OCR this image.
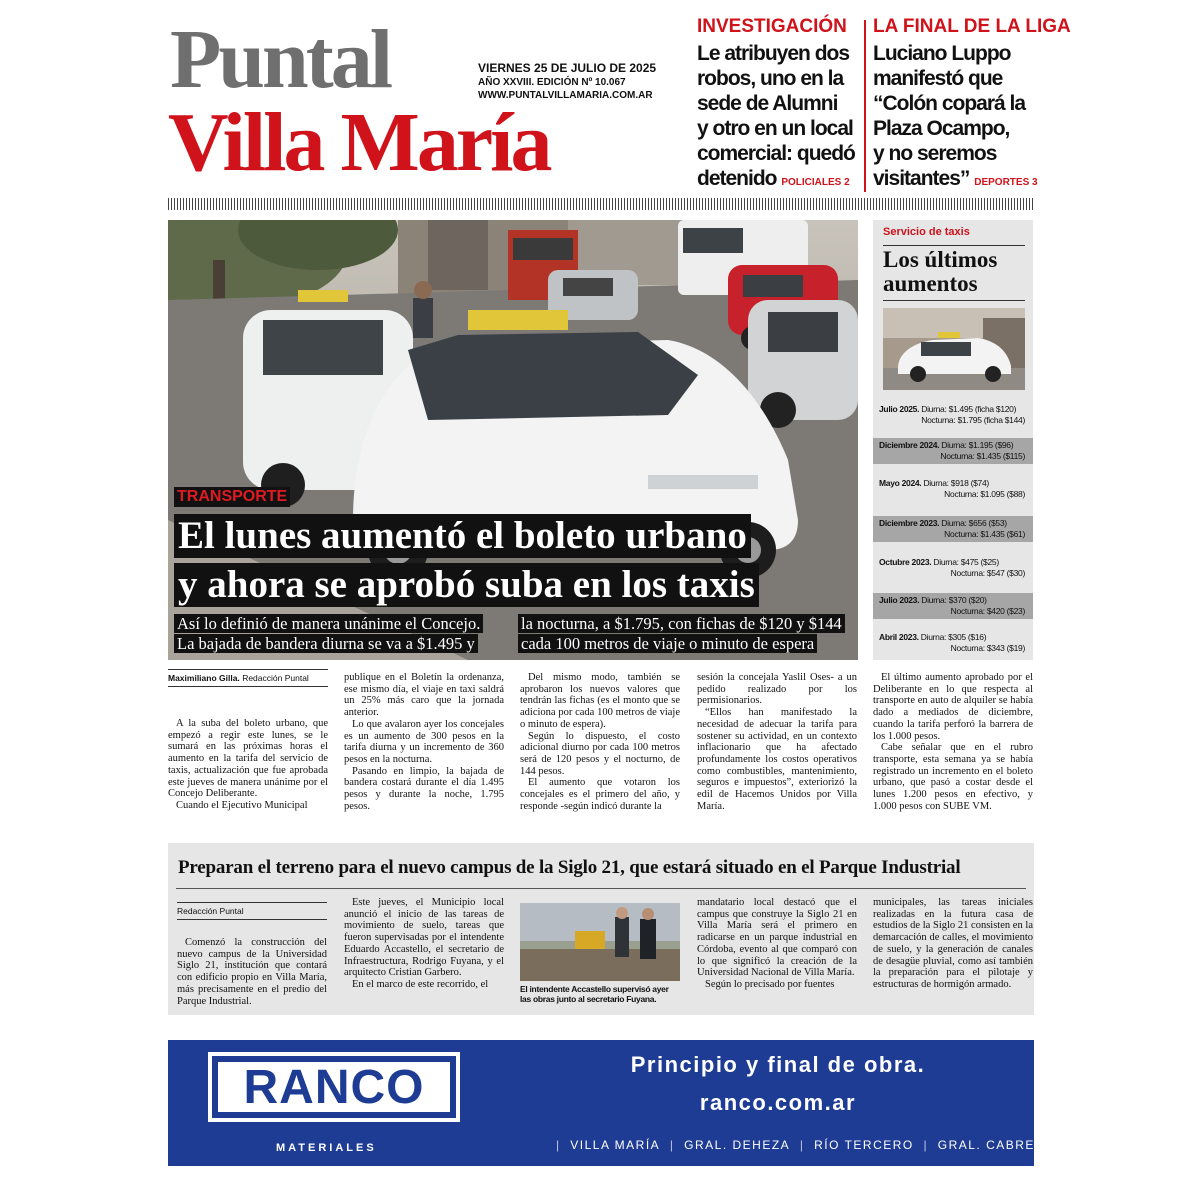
Puntal
Villa María
VIERNES 25 DE JULIO DE 2025
AÑO XXVIII. EDICIÓN Nº 10.067
WWW.PUNTALVILLAMARIA.COM.AR
INVESTIGACIÓN
Le atribuyen dos
robos, uno en la
sede de Alumni
y otro en un local
comercial: quedó
detenido POLICIALES 2
LA FINAL DE LA LIGA
Luciano Luppo
manifestó que
“Colón copará la
Plaza Ocampo,
y no seremos
visitantes” DEPORTES 3
TRANSPORTE
El lunes aumentó el boleto urbano
y ahora se aprobó suba en los taxis
Así lo definió de manera unánime el Concejo.
La bajada de bandera diurna se va a $1.495 y
la nocturna, a $1.795, con fichas de $120 y $144
cada 100 metros de viaje o minuto de espera
Servicio de taxis
Los últimos
aumentos
Julio 2025. Diurna: $1.495 (ficha $120)
Nocturna: $1.795 (ficha $144)
Diciembre 2024. Diurna: $1.195 ($96)
Nocturna: $1.435 ($115)
Mayo 2024. Diurna: $918 ($74)
Nocturna: $1.095 ($88)
Diciembre 2023. Diurna: $656 ($53)
Nocturna: $1.435 ($61)
Octubre 2023. Diurna: $475 ($25)
Nocturna: $547 ($30)
Julio 2023. Diurna: $370 ($20)
Nocturna: $420 ($23)
Abril 2023. Diurna: $305 ($16)
Nocturna: $343 ($19)
Maximiliano Gilla. Redacción Puntal

A la suba del boleto urbano, que empezó a regir este lunes, se le sumará en las próximas horas el aumento en la tarifa del servicio de taxis, actualización que fue aprobada este jueves de manera unánime por el Concejo Deliberante.

Cuando el Ejecutivo Municipal

publique en el Boletín la ordenanza, ese mismo día, el viaje en taxi saldrá un 25% más caro que la jornada anterior.

Lo que avalaron ayer los concejales es un aumento de 300 pesos en la tarifa diurna y un incremento de 360 pesos en la nocturna.

Pasando en limpio, la bajada de bandera costará durante el día 1.495 pesos y durante la noche, 1.795 pesos.

Del mismo modo, también se aprobaron los nuevos valores que tendrán las fichas (es el monto que se adiciona por cada 100 metros de viaje o minuto de espera).

Según lo dispuesto, el costo adicional diurno por cada 100 metros será de 120 pesos y el nocturno, de 144 pesos.

El aumento que votaron los concejales es el primero del año, y responde -según indicó durante la

sesión la concejala Yaslil Oses- a un pedido realizado por los permisionarios.

“Ellos han manifestado la necesidad de adecuar la tarifa para sostener su actividad, en un contexto inflacionario que ha afectado profundamente los costos operativos como combustibles, mantenimiento, seguros e impuestos”, exteriorizó la edil de Hacemos Unidos por Villa María.

El último aumento aprobado por el Deliberante en lo que respecta al transporte en auto de alquiler se había dado a mediados de diciembre, cuando la tarifa perforó la barrera de los 1.000 pesos.

Cabe señalar que en el rubro transporte, esta semana ya se había registrado un incremento en el boleto urbano, que pasó a costar desde el lunes 1.200 pesos en efectivo, y 1.000 pesos con SUBE VM.

Preparan el terreno para el nuevo campus de la Siglo 21, que estará situado en el Parque Industrial
Redacción Puntal

Comenzó la construcción del nuevo campus de la Universidad Siglo 21, institución que contará con edificio propio en Villa María, más precisamente en el predio del Parque Industrial.

Este jueves, el Municipio local anunció el inicio de las tareas de movimiento de suelo, tareas que fueron supervisadas por el intendente Eduardo Accastello, el secretario de Infraestructura, Rodrigo Fuyana, y el arquitecto Cristian Garbero.

En el marco de este recorrido, el	El intendente Accastello supervisó ayer las obras junto al secretario Fuyana.

mandatario local destacó que el campus que construye la Siglo 21 en Villa María será el primero en radicarse en un parque industrial en Córdoba, evento al que comparó con lo que significó la creación de la Universidad Nacional de Villa María.

Según lo precisado por fuentes

municipales, las tareas iniciales realizadas en la futura casa de estudios de la Siglo 21 consisten en la demarcación de calles, el movimiento de suelo, y la generación de canales de desagüe pluvial, como así también la preparación para el pilotaje y estructuras de hormigón armado.

RANCO
MATERIALES
Principio y final de obra.
ranco.com.ar
| VILLA MARÍA | GRAL. DEHEZA | RÍO TERCERO | GRAL. CABRERA
